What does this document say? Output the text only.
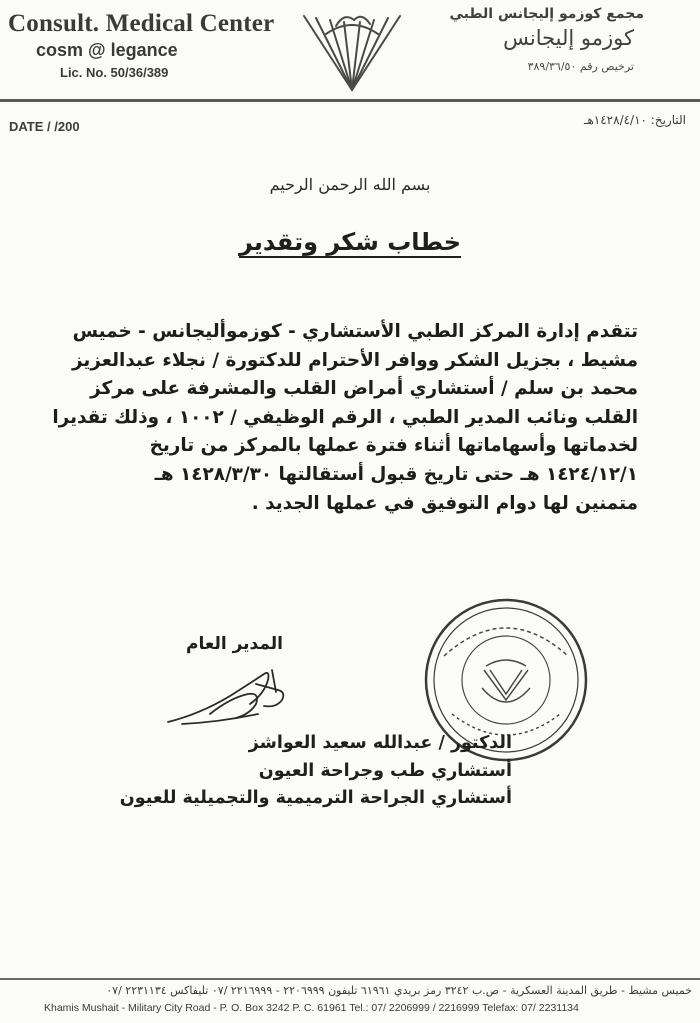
Consult. Medical Center
cosm @ legance
Lic. No. 50/36/389
مجمع كوزمو إليجانس الطبي
كوزمو إليجانس
ترخيص رقم ٣٨٩/٣٦/٥٠
DATE / /200	التاريخ: ١٤٢٨/٤/١٠هـ
بسم الله الرحمن الرحيم
خطاب شكر وتقدير
تتقدم إدارة المركز الطبي الأستشاري - كوزموأليجانس - خميس
مشيط ، بجزيل الشكر ووافر الأحترام للدكتورة / نجلاء عبدالعزيز
محمد بن سلم / أستشاري أمراض القلب والمشرفة على مركز
القلب ونائب المدير الطبي ، الرقم الوظيفي / ١٠٠٢ ، وذلك تقديرا
لخدماتها وأسهاماتها أثناء فترة عملها بالمركز من تاريخ
١٤٢٤/١٢/١ هـ حتى تاريخ قبول أستقالتها ١٤٢٨/٣/٣٠ هـ
متمنين لها دوام التوفيق في عملها الجديد .
المدير العام
الدكتور / عبدالله سعيد العواشز
أستشاري طب وجراحة العيون
أستشاري الجراحة الترميمية والتجميلية للعيون
خميس مشيط - طريق المدينة العسكرية - ص.ب ٣٢٤٢ رمز بريدي ٦١٩٦١ تليفون ٢٢٠٦٩٩٩ - ٢٢١٦٩٩٩ /٠٧ تليفاكس ٢٢٣١١٣٤ /٠٧
Khamis Mushait - Military City Road - P. O. Box 3242 P. C. 61961 Tel.: 07/ 2206999 / 2216999 Telefax: 07/ 2231134
